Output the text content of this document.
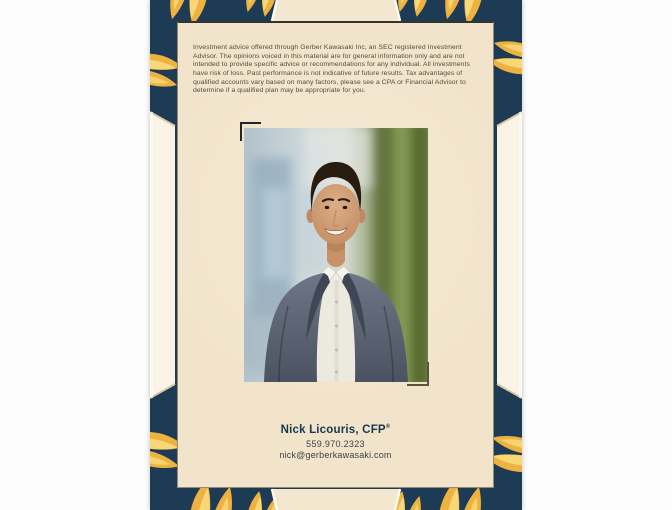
Investment advice offered through Gerber Kawasaki Inc, an SEC registered Investment Advisor. The opinions voiced in this material are for general information only and are not intended to provide specific advice or recommendations for any individual. All investments have risk of loss. Past performance is not indicative of future results. Tax advantages of qualified accounts vary based on many factors, please see a CPA or Financial Advisor to determine if a qualified plan may be appropriate for you.

Nick Licouris, CFP®
559.970.2323
nick@gerberkawasaki.com
